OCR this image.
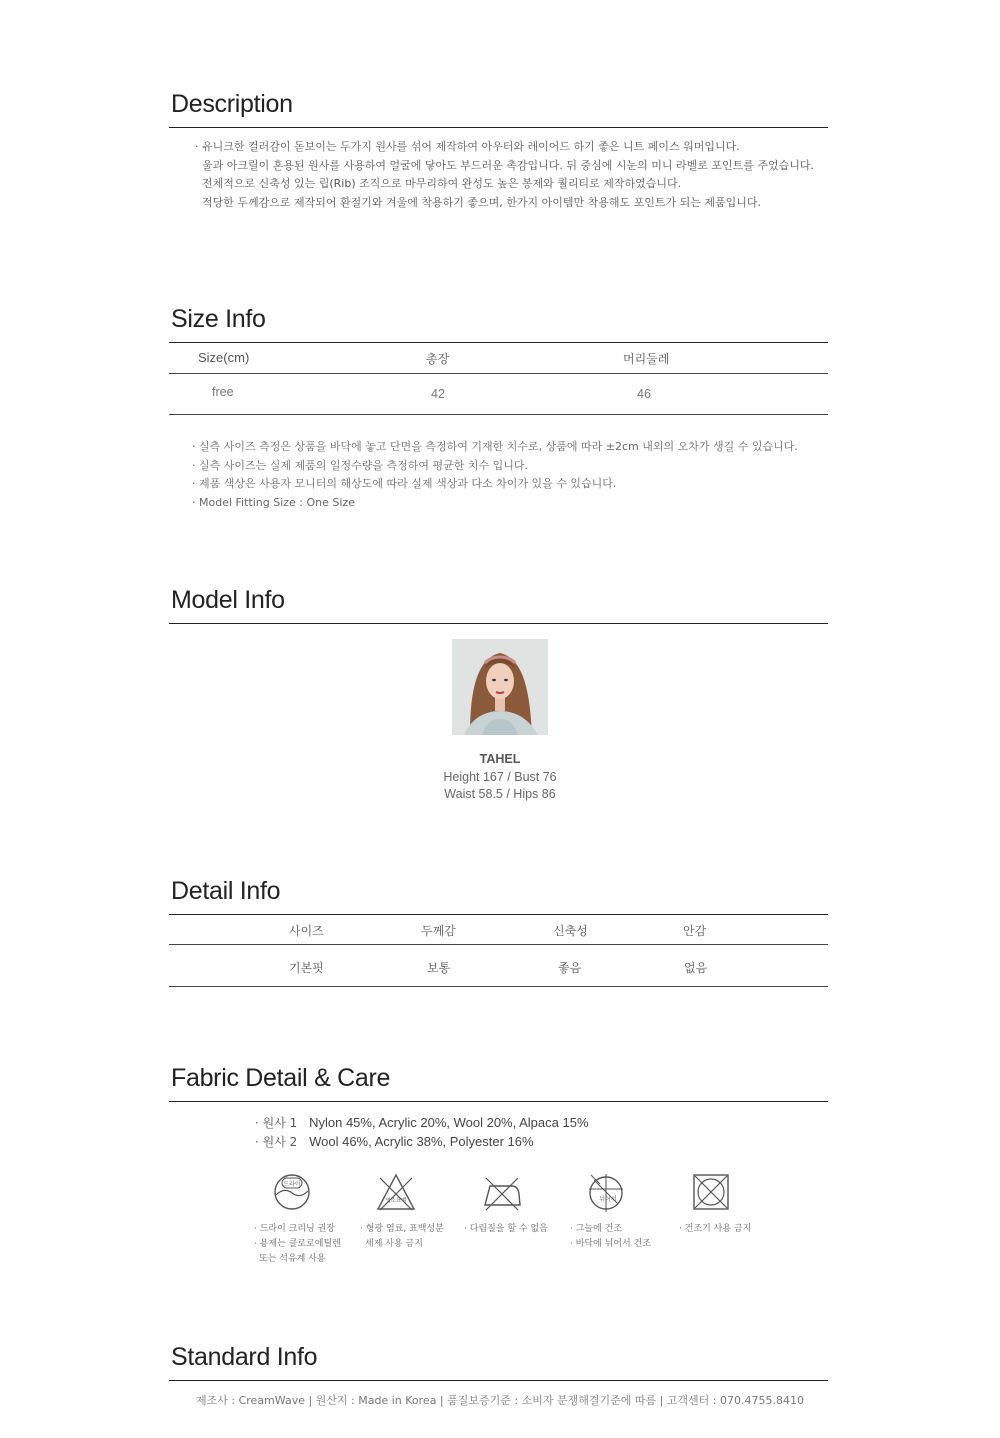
Description
· 유니크한 컬러감이 돋보이는 두가지 원사를 섞어 제작하여 아우터와 레이어드 하기 좋은 니트 페이스 워머입니다.
울과 아크릴이 혼용된 원사를 사용하여 얼굴에 닿아도 부드러운 촉감입니다. 뒤 중심에 시눈의 미니 라벨로 포인트를 주었습니다.
전체적으로 신축성 있는 립(Rib) 조직으로 마무리하여 완성도 높은 봉제와 퀄리티로 제작하였습니다.
적당한 두께감으로 제작되어 환절기와 겨울에 착용하기 좋으며, 한가지 아이템만 착용해도 포인트가 되는 제품입니다.
Size Info
Size(cm)	총장	머리둘레
free	42	46
· 실측 사이즈 측정은 상품을 바닥에 놓고 단면을 측정하여 기재한 치수로, 상품에 따라 ±2cm 내외의 오차가 생길 수 있습니다.
· 실측 사이즈는 실제 제품의 일정수량을 측정하여 평균한 치수 입니다.
· 제품 색상은 사용자 모니터의 해상도에 따라 실제 색상과 다소 차이가 있을 수 있습니다.
· Model Fitting Size : One Size
Model Info
TAHEL
Height 167 / Bust 76
Waist 58.5 / Hips 86
Detail Info
사이즈	두께감	신축성	안감
기본핏	보통	좋음	없음
Fabric Detail & Care
· 원사 1 Nylon 45%, Acrylic 20%, Wool 20%, Alpaca 15%
· 원사 2 Wool 46%, Acrylic 38%, Polyester 16%
드라이
염소표백	뉘어서
· 드라이 크리닝 권장
· 용제는 클로로에틸렌
또는 석유계 사용
· 형광 염료, 표백성분
세제 사용 금지
· 다림질을 할 수 없음 · 그늘에 건조
· 바닥에 뉘어서 건조
· 건조기 사용 금지
Standard Info
제조사 : CreamWave | 원산지 : Made in Korea | 품질보증기준 : 소비자 분쟁해결기준에 따름 | 고객센터 : 070.4755.8410
